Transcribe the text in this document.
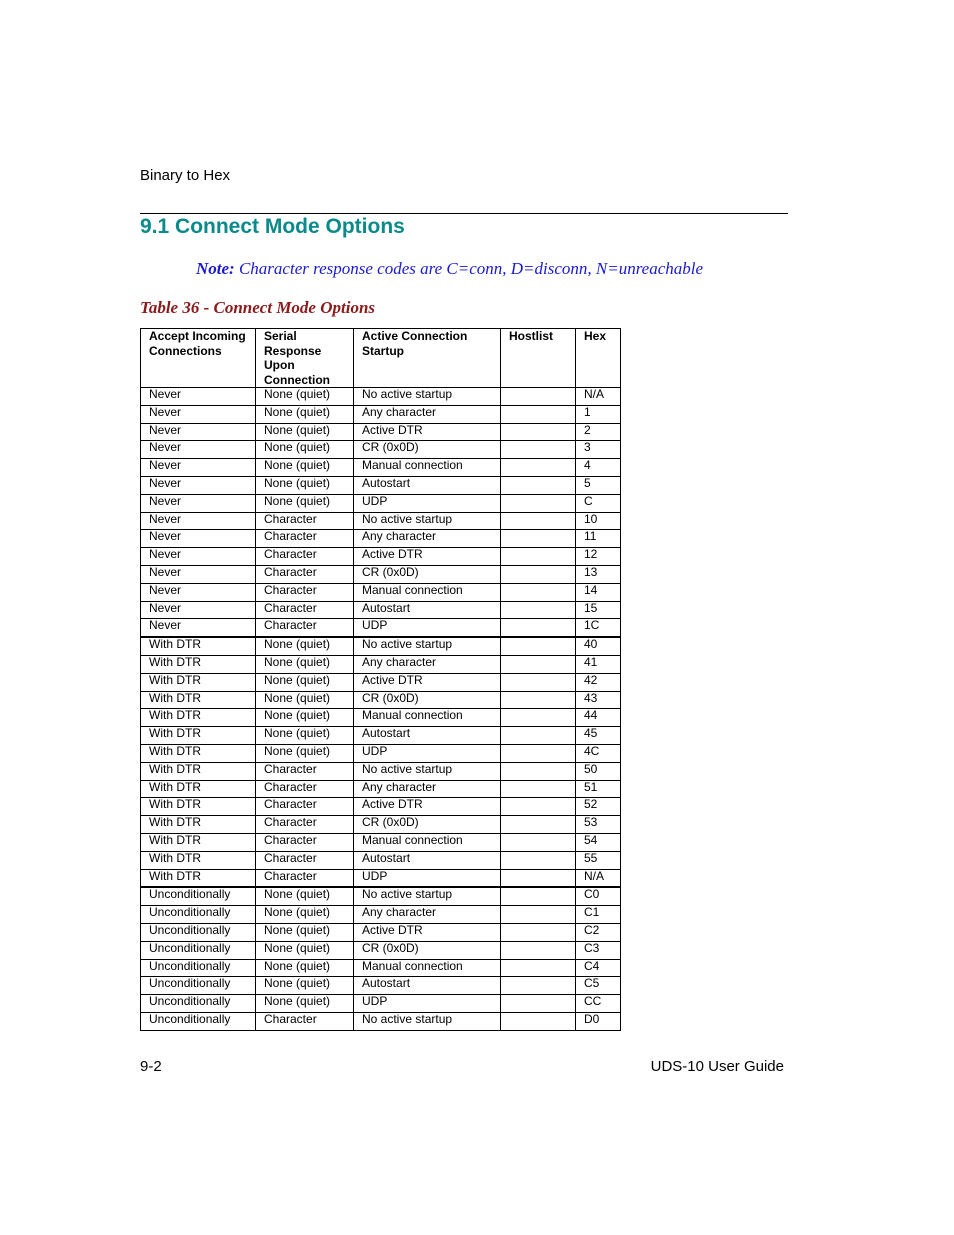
Binary to Hex
9.1 Connect Mode Options
Note: Character response codes are C=conn, D=disconn, N=unreachable
Table 36 - Connect Mode Options
Accept Incoming Connections	Serial Response Upon Connection	Active Connection Startup	Hostlist	Hex
Never	None (quiet)	No active startup		N/A
Never	None (quiet)	Any character		1
Never	None (quiet)	Active DTR		2
Never	None (quiet)	CR (0x0D)		3
Never	None (quiet)	Manual connection		4
Never	None (quiet)	Autostart		5
Never	None (quiet)	UDP		C
Never	Character	No active startup		10
Never	Character	Any character		11
Never	Character	Active DTR		12
Never	Character	CR (0x0D)		13
Never	Character	Manual connection		14
Never	Character	Autostart		15
Never	Character	UDP		1C
With DTR	None (quiet)	No active startup		40
With DTR	None (quiet)	Any character		41
With DTR	None (quiet)	Active DTR		42
With DTR	None (quiet)	CR (0x0D)		43
With DTR	None (quiet)	Manual connection		44
With DTR	None (quiet)	Autostart		45
With DTR	None (quiet)	UDP		4C
With DTR	Character	No active startup		50
With DTR	Character	Any character		51
With DTR	Character	Active DTR		52
With DTR	Character	CR (0x0D)		53
With DTR	Character	Manual connection		54
With DTR	Character	Autostart		55
With DTR	Character	UDP		N/A
Unconditionally	None (quiet)	No active startup		C0
Unconditionally	None (quiet)	Any character		C1
Unconditionally	None (quiet)	Active DTR		C2
Unconditionally	None (quiet)	CR (0x0D)		C3
Unconditionally	None (quiet)	Manual connection		C4
Unconditionally	None (quiet)	Autostart		C5
Unconditionally	None (quiet)	UDP		CC
Unconditionally	Character	No active startup		D0
9-2	UDS-10 User Guide
